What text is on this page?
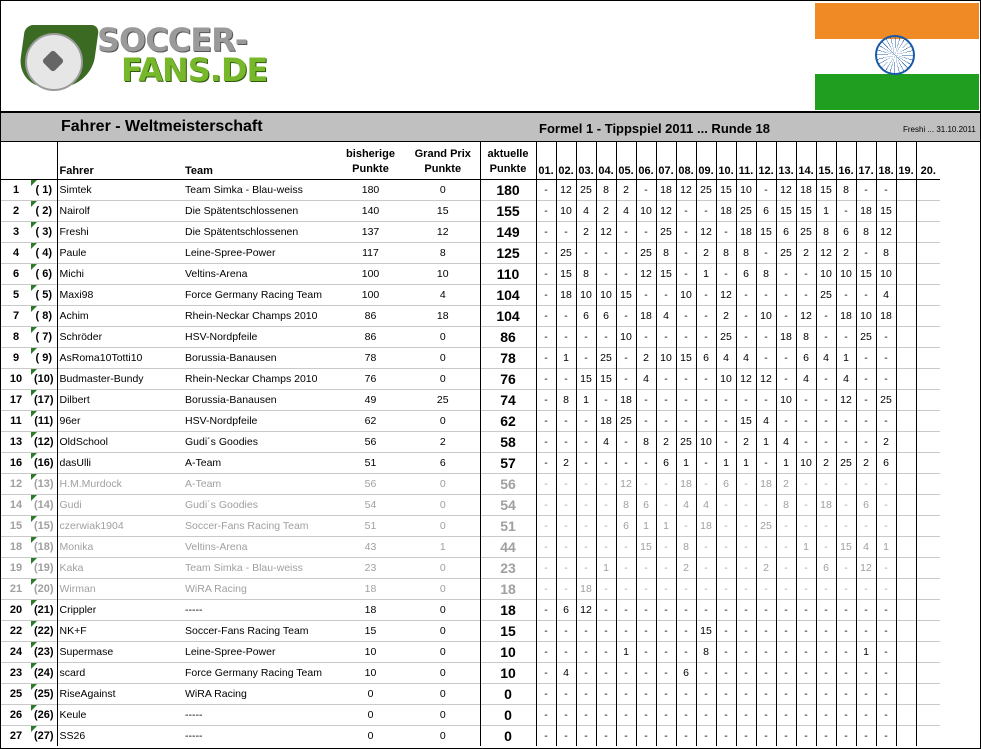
SOCCER-
FANS.DE
Fahrer - Weltmeisterschaft	Formel 1 - Tippspiel 2011 ... Runde 18	Freshi ... 31.10.2011
		Fahrer	Team	bisherige
Punkte	Grand Prix
Punkte	aktuelle
Punkte	01.	02.	03.	04.	05.	06.	07.	08.	09.	10.	11.	12.	13.	14.	15.	16.	17.	18.	19.	20.
1	( 1)	Simtek	Team Simka - Blau-weiss	180	0	180	-	12	25	8	2	-	18	12	25	15	10	-	12	18	15	8	-	-		
2	( 2)	Nairolf	Die Spätentschlossenen	140	15	155	-	10	4	2	4	10	12	-	-	18	25	6	15	15	1	-	18	15		
3	( 3)	Freshi	Die Spätentschlossenen	137	12	149	-	-	2	12	-	-	25	-	12	-	18	15	6	25	8	6	8	12		
4	( 4)	Paule	Leine-Spree-Power	117	8	125	-	25	-	-	-	25	8	-	2	8	8	-	25	2	12	2	-	8		
6	( 6)	Michi	Veltins-Arena	100	10	110	-	15	8	-	-	12	15	-	1	-	6	8	-	-	10	10	15	10		
5	( 5)	Maxi98	Force Germany Racing Team	100	4	104	-	18	10	10	15	-	-	10	-	12	-	-	-	-	25	-	-	4		
7	( 8)	Achim	Rhein-Neckar Champs 2010	86	18	104	-	-	6	6	-	18	4	-	-	2	-	10	-	12	-	18	10	18		
8	( 7)	Schröder	HSV-Nordpfeile	86	0	86	-	-	-	-	10	-	-	-	-	25	-	-	18	8	-	-	25	-		
9	( 9)	AsRoma10Totti10	Borussia-Banausen	78	0	78	-	1	-	25	-	2	10	15	6	4	4	-	-	6	4	1	-	-		
10	(10)	Budmaster-Bundy	Rhein-Neckar Champs 2010	76	0	76	-	-	15	15	-	4	-	-	-	10	12	12	-	4	-	4	-	-		
17	(17)	Dilbert	Borussia-Banausen	49	25	74	-	8	1	-	18	-	-	-	-	-	-	-	10	-	-	12	-	25		
11	(11)	96er	HSV-Nordpfeile	62	0	62	-	-	-	18	25	-	-	-	-	-	15	4	-	-	-	-	-	-		
13	(12)	OldSchool	Gudi´s Goodies	56	2	58	-	-	-	4	-	8	2	25	10	-	2	1	4	-	-	-	-	2		
16	(16)	dasUlli	A-Team	51	6	57	-	2	-	-	-	-	6	1	-	1	1	-	1	10	2	25	2	6		
12	(13)	H.M.Murdock	A-Team	56	0	56	-	-	-	-	12	-	-	18	-	6	-	18	2	-	-	-	-	-		
14	(14)	Gudi	Gudi´s Goodies	54	0	54	-	-	-	-	8	6	-	4	4	-	-	-	8	-	18	-	6	-		
15	(15)	czerwiak1904	Soccer-Fans Racing Team	51	0	51	-	-	-	-	6	1	1	-	18	-	-	25	-	-	-	-	-	-		
18	(18)	Monika	Veltins-Arena	43	1	44	-	-	-	-	-	15	-	8	-	-	-	-	-	1	-	15	4	1		
19	(19)	Kaka	Team Simka - Blau-weiss	23	0	23	-	-	-	1	-	-	-	2	-	-	-	2	-	-	6	-	12	-		
21	(20)	Wirman	WiRA Racing	18	0	18	-	-	18	-	-	-	-	-	-	-	-	-	-	-	-	-	-	-		
20	(21)	Crippler	-----	18	0	18	-	6	12	-	-	-	-	-	-	-	-	-	-	-	-	-	-	-		
22	(22)	NK+F	Soccer-Fans Racing Team	15	0	15	-	-	-	-	-	-	-	-	15	-	-	-	-	-	-	-	-	-		
24	(23)	Supermase	Leine-Spree-Power	10	0	10	-	-	-	-	1	-	-	-	8	-	-	-	-	-	-	-	1	-		
23	(24)	scard	Force Germany Racing Team	10	0	10	-	4	-	-	-	-	-	6	-	-	-	-	-	-	-	-	-	-		
25	(25)	RiseAgainst	WiRA Racing	0	0	0	-	-	-	-	-	-	-	-	-	-	-	-	-	-	-	-	-	-		
26	(26)	Keule	-----	0	0	0	-	-	-	-	-	-	-	-	-	-	-	-	-	-	-	-	-	-		
27	(27)	SS26	-----	0	0	0	-	-	-	-	-	-	-	-	-	-	-	-	-	-	-	-	-	-		
